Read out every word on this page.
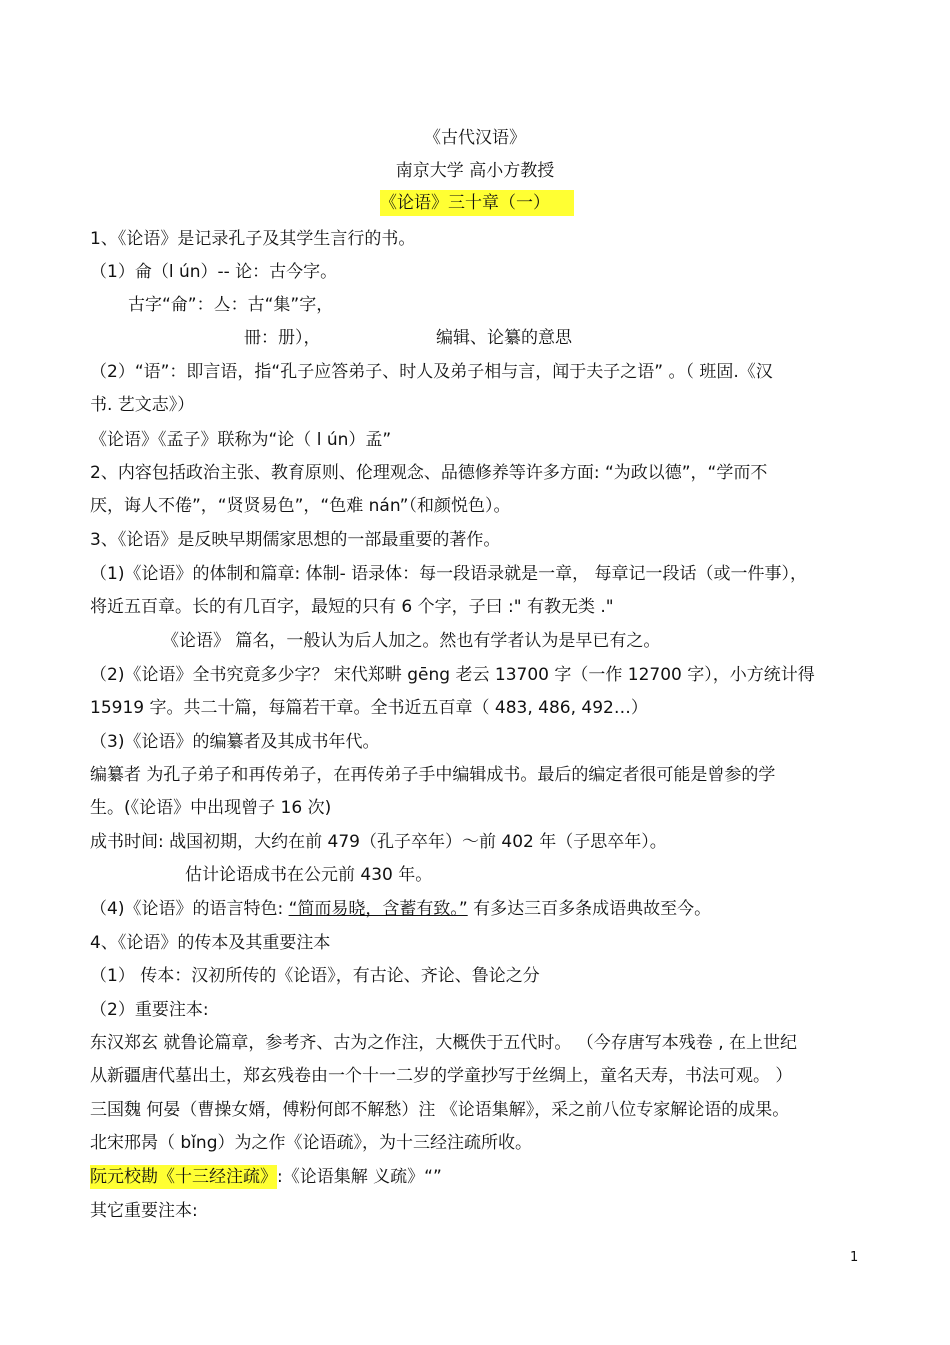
《古代汉语》
南京大学 高小方教授
《论语》三十章（一）
1、《论语》是记录孔子及其学生言行的书。
（1）侖（l ún）-- 论：古今字。
古字“侖”：亼：古“集”字，
冊：册），	编辑、论纂的意思
（2）“语”：即言语，指“孔子应答弟子、时人及弟子相与言，闻于夫子之语” 。（ 班固.《汉
书. 艺文志》）
《论语》《孟子》联称为“论（ l ún）孟”
2、内容包括政治主张、教育原则、伦理观念、品德修养等许多方面: “为政以德”，“学而不
厌，诲人不倦”，“贤贤易色”，“色难 nán”（和颜悦色）。
3、《论语》是反映早期儒家思想的一部最重要的著作。
（1)《论语》的体制和篇章: 体制- 语录体：每一段语录就是一章， 每章记一段话（或一件事），
将近五百章。长的有几百字，最短的只有 6 个字，子曰 :" 有教无类 ."
《论语》 篇名，一般认为后人加之。然也有学者认为是早已有之。
（2)《论语》全书究竟多少字？ 宋代郑畊 gēng 老云 13700 字（一作 12700 字），小方统计得
15919 字。共二十篇，每篇若干章。全书近五百章（ 483, 486, 492…）
（3)《论语》的编纂者及其成书年代。
编纂者 为孔子弟子和再传弟子，在再传弟子手中编辑成书。最后的编定者很可能是曾参的学
生。(《论语》中出现曾子 16 次)
成书时间: 战国初期，大约在前 479（孔子卒年）～前 402 年（子思卒年）。
估计论语成书在公元前 430 年。
（4)《论语》的语言特色: “简而易晓，含蓄有致。” 有多达三百多条成语典故至今。
4、《论语》的传本及其重要注本
（1） 传本：汉初所传的《论语》，有古论、齐论、鲁论之分
（2）重要注本:
东汉郑玄 就鲁论篇章，参考齐、古为之作注，大概佚于五代时。 （今存唐写本残卷 , 在上世纪
从新疆唐代墓出土，郑玄残卷由一个十一二岁的学童抄写于丝绸上，童名天寿，书法可观。 ）
三国魏 何晏（曹操女婿，傅粉何郎不解愁）注 《论语集解》，采之前八位专家解论语的成果。
北宋邢昺（ bǐng）为之作《论语疏》，为十三经注疏所收。
阮元校勘《十三经注疏》:《论语集解 义疏》“”
其它重要注本:
1
